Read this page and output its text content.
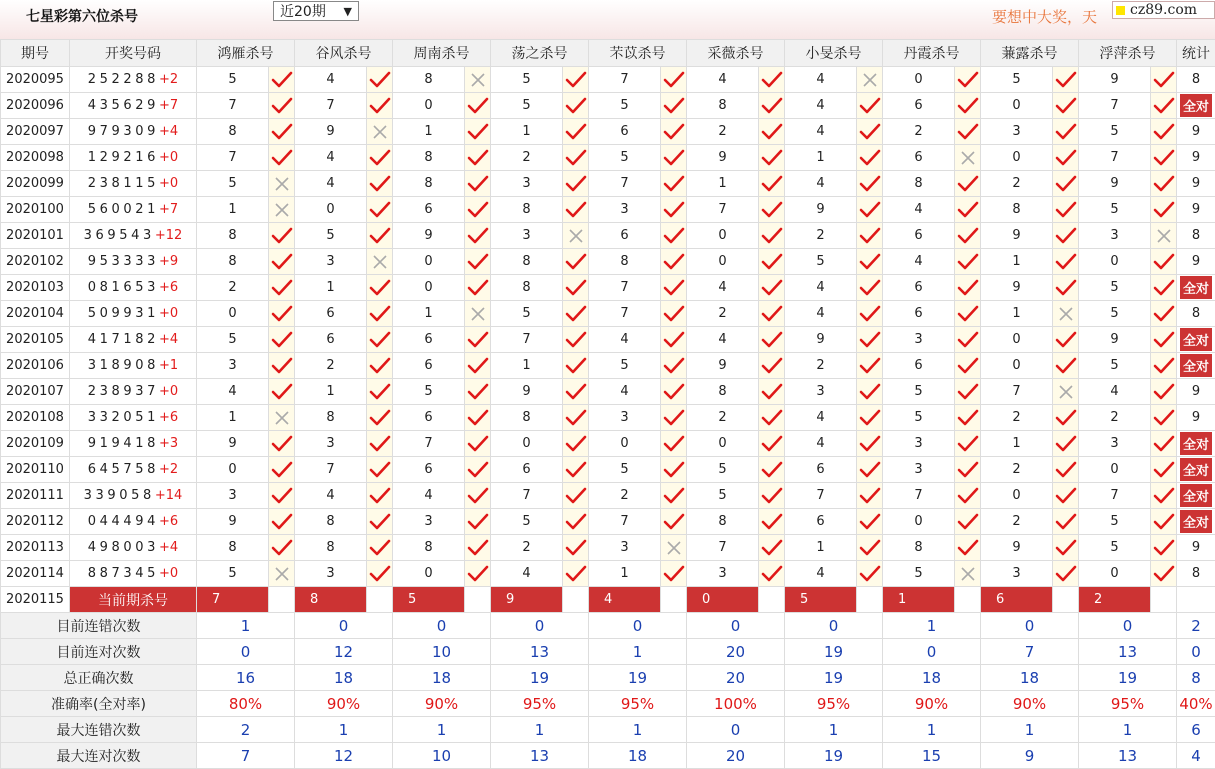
七星彩第六位杀号	近20期 ▼	要想中大奖，天	cz89.com
期号	开奖号码	鸿雁杀号		谷风杀号		周南杀号		荡之杀号		芣苡杀号		采薇杀号		小旻杀号		丹霞杀号		蒹露杀号		浮萍杀号		统计
2020095	252288+2	5		4		8		5		7		4		4		0		5		9		8
2020096	435629+7	7		7		0		5		5		8		4		6		0		7		全对
2020097	979309+4	8		9		1		1		6		2		4		2		3		5		9
2020098	129216+0	7		4		8		2		5		9		1		6		0		7		9
2020099	238115+0	5		4		8		3		7		1		4		8		2		9		9
2020100	560021+7	1		0		6		8		3		7		9		4		8		5		9
2020101	369543+12	8		5		9		3		6		0		2		6		9		3		8
2020102	953333+9	8		3		0		8		8		0		5		4		1		0		9
2020103	081653+6	2		1		0		8		7		4		4		6		9		5		全对
2020104	509931+0	0		6		1		5		7		2		4		6		1		5		8
2020105	417182+4	5		6		6		7		4		4		9		3		0		9		全对
2020106	318908+1	3		2		6		1		5		9		2		6		0		5		全对
2020107	238937+0	4		1		5		9		4		8		3		5		7		4		9
2020108	332051+6	1		8		6		8		3		2		4		5		2		2		9
2020109	919418+3	9		3		7		0		0		0		4		3		1		3		全对
2020110	645758+2	0		7		6		6		5		5		6		3		2		0		全对
2020111	339058+14	3		4		4		7		2		5		7		7		0		7		全对
2020112	044494+6	9		8		3		5		7		8		6		0		2		5		全对
2020113	498003+4	8		8		8		2		3		7		1		8		9		5		9
2020114	887345+0	5		3		0		4		1		3		4		5		3		0		8
2020115	当前期杀号	7		8		5		9		4		0		5		1		6		2		
目前连错次数		1		0		0		0		0		0		0		1		0		0		2
目前连对次数		0		12		10		13		1		20		19		0		7		13		0
总正确次数		16		18		18		19		19		20		19		18		18		19		8
准确率(全对率)		80%		90%		90%		95%		95%		100%		95%		90%		90%		95%		40%
最大连错次数		2		1		1		1		1		0		1		1		1		1		6
最大连对次数		7		12		10		13		18		20		19		15		9		13		4
